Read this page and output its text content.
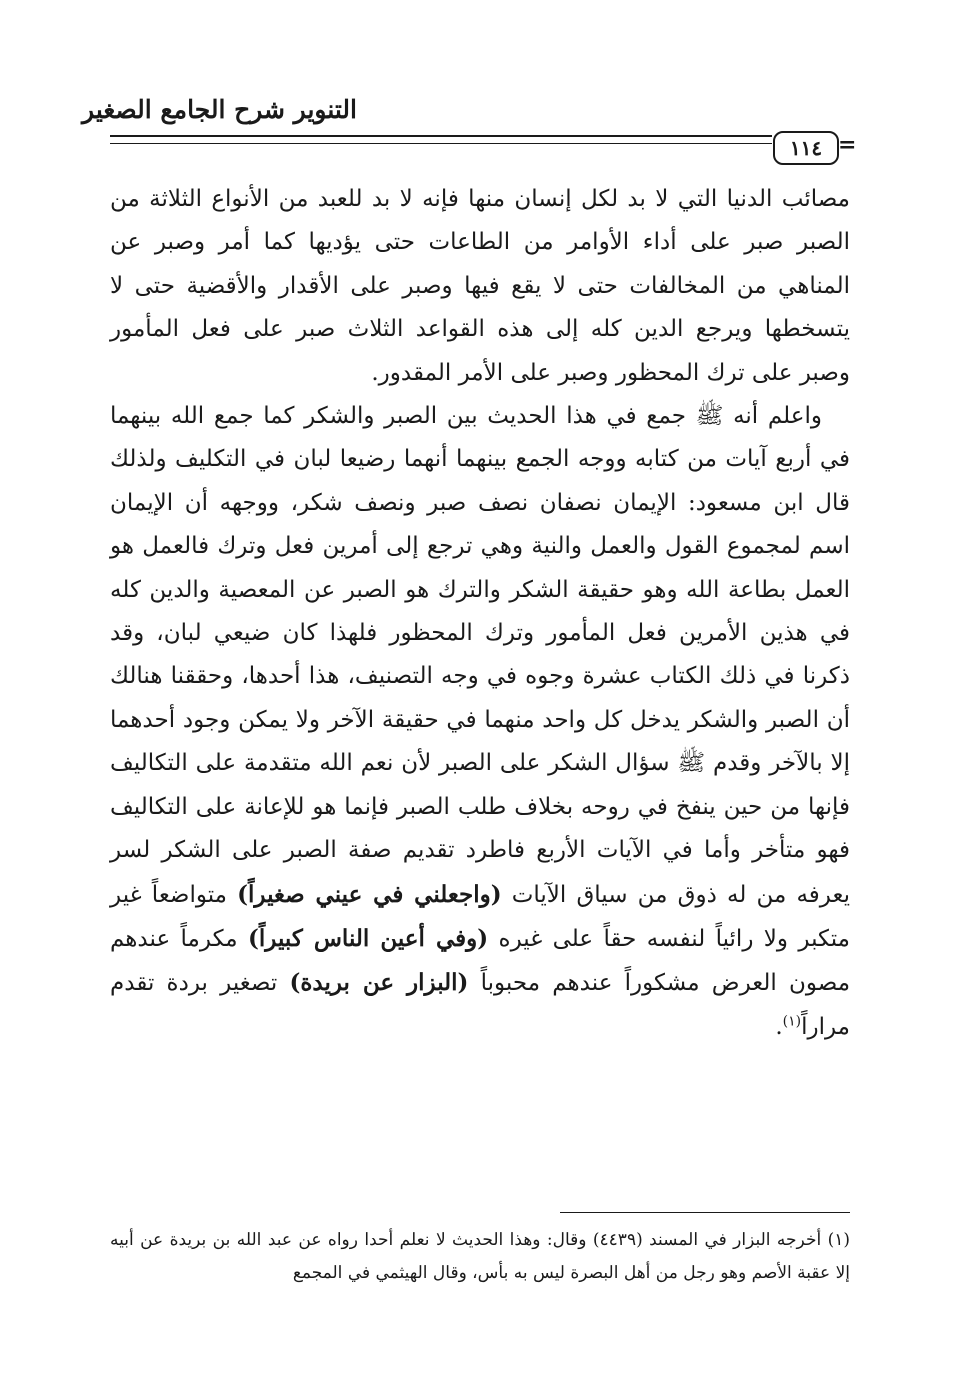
التنوير شرح الجامع الصغير
١١٤ =

مصائب الدنيا التي لا بد لكل إنسان منها فإنه لا بد للعبد من الأنواع الثلاثة من الصبر صبر على أداء الأوامر من الطاعات حتى يؤديها كما أمر وصبر عن المناهي من المخالفات حتى لا يقع فيها وصبر على الأقدار والأقضية حتى لا يتسخطها ويرجع الدين كله إلى هذه القواعد الثلاث صبر على فعل المأمور وصبر على ترك المحظور وصبر على الأمر المقدور.

واعلم أنه ﷺ جمع في هذا الحديث بين الصبر والشكر كما جمع الله بينهما في أربع آيات من كتابه ووجه الجمع بينهما أنهما رضيعا لبان في التكليف ولذلك قال ابن مسعود: الإيمان نصفان نصف صبر ونصف شكر، ووجهه أن الإيمان اسم لمجموع القول والعمل والنية وهي ترجع إلى أمرين فعل وترك فالعمل هو العمل بطاعة الله وهو حقيقة الشكر والترك هو الصبر عن المعصية والدين كله في هذين الأمرين فعل المأمور وترك المحظور فلهذا كان ضيعي لبان، وقد ذكرنا في ذلك الكتاب عشرة وجوه في وجه التصنيف، هذا أحدها، وحققنا هنالك أن الصبر والشكر يدخل كل واحد منهما في حقيقة الآخر ولا يمكن وجود أحدهما إلا بالآخر وقدم ﷺ سؤال الشكر على الصبر لأن نعم الله متقدمة على التكاليف فإنها من حين ينفخ في روحه بخلاف طلب الصبر فإنما هو للإعانة على التكاليف فهو متأخر وأما في الآيات الأربع فاطرد تقديم صفة الصبر على الشكر لسر يعرفه من له ذوق من سياق الآيات (واجعلني في عيني صغيراً) متواضعاً غير متكبر ولا رائياً لنفسه حقاً على غيره (وفي أعين الناس كبيراً) مكرماً عندهم مصون العرض مشكوراً عندهم محبوباً (البزار عن بريدة) تصغير بردة تقدم مراراً$^{(١)}$.

(١) أخرجه البزار في المسند (٤٤٣٩) وقال: وهذا الحديث لا نعلم أحدا رواه عن عبد الله بن بريدة عن أبيه إلا عقبة الأصم وهو رجل من أهل البصرة ليس به بأس، وقال الهيثمي في المجمع
